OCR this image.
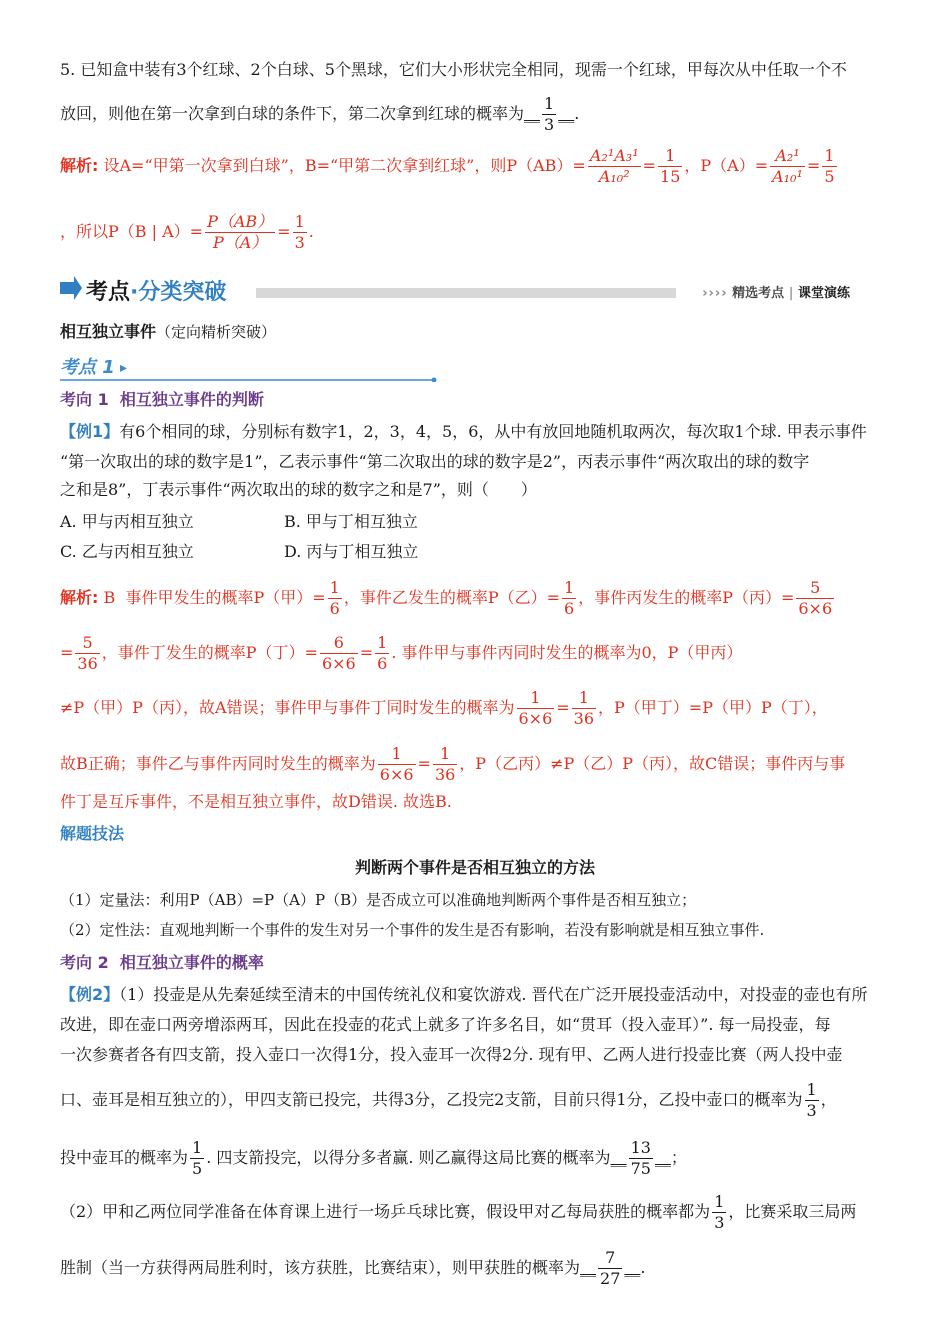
5. 已知盒中装有3个红球、2个白球、5个黑球，它们大小形状完全相同，现需一个红球，甲每次从中任取一个不
放回，则他在第一次拿到白球的条件下，第二次拿到红球的概率为__ $\frac{1}{3}$ __.
解析: 设A=“甲第一次拿到白球”，B=“甲第二次拿到红球”，则$P(AB)= \frac{\text{A₂¹A₃¹}}{\text{A₁₀²}} = \frac{1}{15}$ ，$P(A)= \frac{\text{A₂¹}}{\text{A₁₀¹}} = \frac{1}{5}$
，所以P（B | $A)= \frac{P(AB)}{P(A)} = \frac{1}{3}$ .
考点·分类突破	›››› 精选考点 | 课堂演练
相互独立事件（定向精析突破）
考点 1 ▸
考向 1 相互独立事件的判断
【例1】有6个相同的球，分别标有数字1，2，3，4，5，6，从中有放回地随机取两次，每次取1个球. 甲表示事件
“第一次取出的球的数字是1”，乙表示事件“第二次取出的球的数字是2”，丙表示事件“两次取出的球的数字
之和是8”，丁表示事件“两次取出的球的数字之和是7”，则（　　）
A. 甲与丙相互独立	B. 甲与丁相互独立
C. 乙与丙相互独立	D. 丙与丁相互独立
解析: B 事件甲发生的概率P（甲）= $\frac{1}{6}$ ，事件乙发生的概率P（乙）= $\frac{1}{6}$ ，事件丙发生的概率P（丙）= $\frac{5}{6\times 6}$
= $\frac{5}{36}$ ，事件丁发生的概率P（丁）= $\frac{6}{6\times 6} = \frac{1}{6}$ . 事件甲与事件丙同时发生的概率为0，P（甲丙）
≠P（甲）P（丙），故A错误；事件甲与事件丁同时发生的概率为 $\frac{1}{6\times 6} = \frac{1}{36}$ ，P（甲丁）=P（甲）P（丁），
故B正确；事件乙与事件丙同时发生的概率为 $\frac{1}{6\times 6} = \frac{1}{36}$ ，P（乙丙）≠P（乙）P（丙），故C错误；事件丙与事
件丁是互斥事件，不是相互独立事件，故D错误. 故选B.
解题技法
判断两个事件是否相互独立的方法
（1）定量法：利用P（AB）=P（A）P（B）是否成立可以准确地判断两个事件是否相互独立；
（2）定性法：直观地判断一个事件的发生对另一个事件的发生是否有影响，若没有影响就是相互独立事件.
考向 2 相互独立事件的概率
【例2】（1）投壶是从先秦延续至清末的中国传统礼仪和宴饮游戏. 晋代在广泛开展投壶活动中，对投壶的壶也有所
改进，即在壶口两旁增添两耳，因此在投壶的花式上就多了许多名目，如“贯耳（投入壶耳）”. 每一局投壶，每
一次参赛者各有四支箭，投入壶口一次得1分，投入壶耳一次得2分. 现有甲、乙两人进行投壶比赛（两人投中壶
口、壶耳是相互独立的），甲四支箭已投完，共得3分，乙投完2支箭，目前只得1分，乙投中壶口的概率为 $\frac{1}{3}$ ，
投中壶耳的概率为 $\frac{1}{5}$ . 四支箭投完，以得分多者赢. 则乙赢得这局比赛的概率为__ $\frac{13}{75}$ __；
（2）甲和乙两位同学准备在体育课上进行一场乒乓球比赛，假设甲对乙每局获胜的概率都为 $\frac{1}{3}$ ，比赛采取三局两
胜制（当一方获得两局胜利时，该方获胜，比赛结束），则甲获胜的概率为__ $\frac{7}{27}$ __.
